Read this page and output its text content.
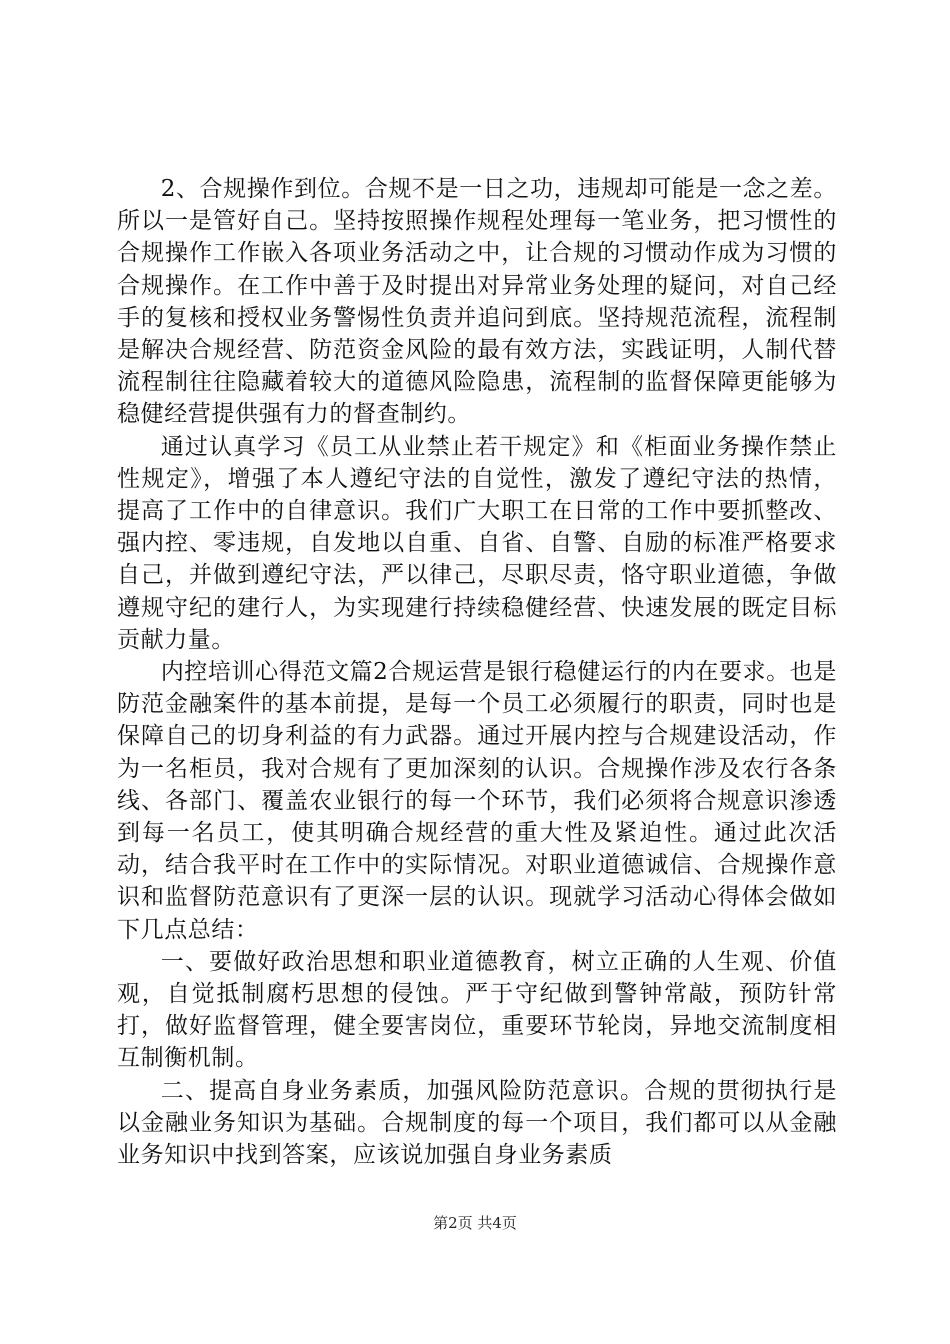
2、合规操作到位。合规不是一日之功，违规却可能是一念之差。所以一是管好自己。坚持按照操作规程处理每一笔业务，把习惯性的合规操作工作嵌入各项业务活动之中，让合规的习惯动作成为习惯的合规操作。在工作中善于及时提出对异常业务处理的疑问，对自己经手的复核和授权业务警惕性负责并追问到底。坚持规范流程，流程制是解决合规经营、防范资金风险的最有效方法，实践证明，人制代替流程制往往隐藏着较大的道德风险隐患，流程制的监督保障更能够为稳健经营提供强有力的督查制约。

通过认真学习《员工从业禁止若干规定》和《柜面业务操作禁止性规定》，增强了本人遵纪守法的自觉性，激发了遵纪守法的热情，提高了工作中的自律意识。我们广大职工在日常的工作中要抓整改、强内控、零违规，自发地以自重、自省、自警、自励的标准严格要求自己，并做到遵纪守法，严以律己，尽职尽责，恪守职业道德，争做遵规守纪的建行人，为实现建行持续稳健经营、快速发展的既定目标贡献力量。

内控培训心得范文篇2合规运营是银行稳健运行的内在要求。也是防范金融案件的基本前提，是每一个员工必须履行的职责，同时也是保障自己的切身利益的有力武器。通过开展内控与合规建设活动，作为一名柜员，我对合规有了更加深刻的认识。合规操作涉及农行各条线、各部门、覆盖农业银行的每一个环节，我们必须将合规意识渗透到每一名员工，使其明确合规经营的重大性及紧迫性。通过此次活动，结合我平时在工作中的实际情况。对职业道德诚信、合规操作意识和监督防范意识有了更深一层的认识。现就学习活动心得体会做如下几点总结：

一、要做好政治思想和职业道德教育，树立正确的人生观、价值观，自觉抵制腐朽思想的侵蚀。严于守纪做到警钟常敲，预防针常打，做好监督管理，健全要害岗位，重要环节轮岗，异地交流制度相互制衡机制。

二、提高自身业务素质，加强风险防范意识。合规的贯彻执行是以金融业务知识为基础。合规制度的每一个项目，我们都可以从金融业务知识中找到答案，应该说加强自身业务素质

第2页 共4页
